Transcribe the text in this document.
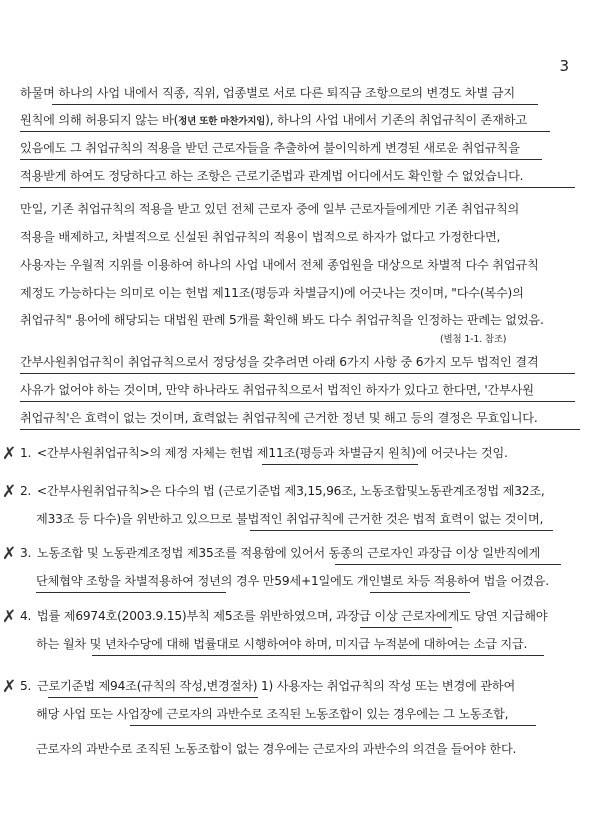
3
하물며 하나의 사업 내에서 직종, 직위, 업종별로 서로 다른 퇴직금 조항으로의 변경도 차별 금지
원칙에 의해 허용되지 않는 바(정년 또한 마찬가지임), 하나의 사업 내에서 기존의 취업규칙이 존재하고
있음에도 그 취업규칙의 적용을 받던 근로자들을 추출하여 불이익하게 변경된 새로운 취업규칙을
적용받게 하여도 정당하다고 하는 조항은 근로기준법과 관계법 어디에서도 확인할 수 없었습니다.
만일, 기존 취업규칙의 적용을 받고 있던 전체 근로자 중에 일부 근로자들에게만 기존 취업규칙의
적용을 배제하고, 차별적으로 신설된 취업규칙의 적용이 법적으로 하자가 없다고 가정한다면,
사용자는 우월적 지위를 이용하여 하나의 사업 내에서 전체 종업원을 대상으로 차별적 다수 취업규칙
제정도 가능하다는 의미로 이는 헌법 제11조(평등과 차별금지)에 어긋나는 것이며, "다수(복수)의
취업규칙" 용어에 해당되는 대법원 판례 5개를 확인해 봐도 다수 취업규칙을 인정하는 판례는 없었음.
(별첨 1-1. 참조)
간부사원취업규칙이 취업규칙으로서 정당성을 갖추려면 아래 6가지 사항 중 6가지 모두 법적인 결격
사유가 없어야 하는 것이며, 만약 하나라도 취업규칙으로서 법적인 하자가 있다고 한다면, '간부사원
취업규칙'은 효력이 없는 것이며, 효력없는 취업규칙에 근거한 정년 및 해고 등의 결정은 무효입니다.
✗ 1. <간부사원취업규칙>의 제정 자체는 헌법 제11조(평등과 차별금지 원칙)에 어긋나는 것임.
✗ 2. <간부사원취업규칙>은 다수의 법 (근로기준법 제3,15,96조, 노동조합및노동관계조정법 제32조,
제33조 등 다수)을 위반하고 있으므로 불법적인 취업규칙에 근거한 것은 법적 효력이 없는 것이며,
✗ 3. 노동조합 및 노동관계조정법 제35조를 적용함에 있어서 동종의 근로자인 과장급 이상 일반직에게
단체협약 조항을 차별적용하여 정년의 경우 만59세+1일에도 개인별로 차등 적용하여 법을 어겼음.
✗ 4. 법률 제6974호(2003.9.15)부칙 제5조를 위반하였으며, 과장급 이상 근로자에게도 당연 지급해야
하는 월차 및 년차수당에 대해 법률대로 시행하여야 하며, 미지급 누적분에 대하여는 소급 지급.
✗ 5. 근로기준법 제94조(규칙의 작성,변경절차) 1) 사용자는 취업규칙의 작성 또는 변경에 관하여
해당 사업 또는 사업장에 근로자의 과반수로 조직된 노동조합이 있는 경우에는 그 노동조합,
근로자의 과반수로 조직된 노동조합이 없는 경우에는 근로자의 과반수의 의견을 들어야 한다.
